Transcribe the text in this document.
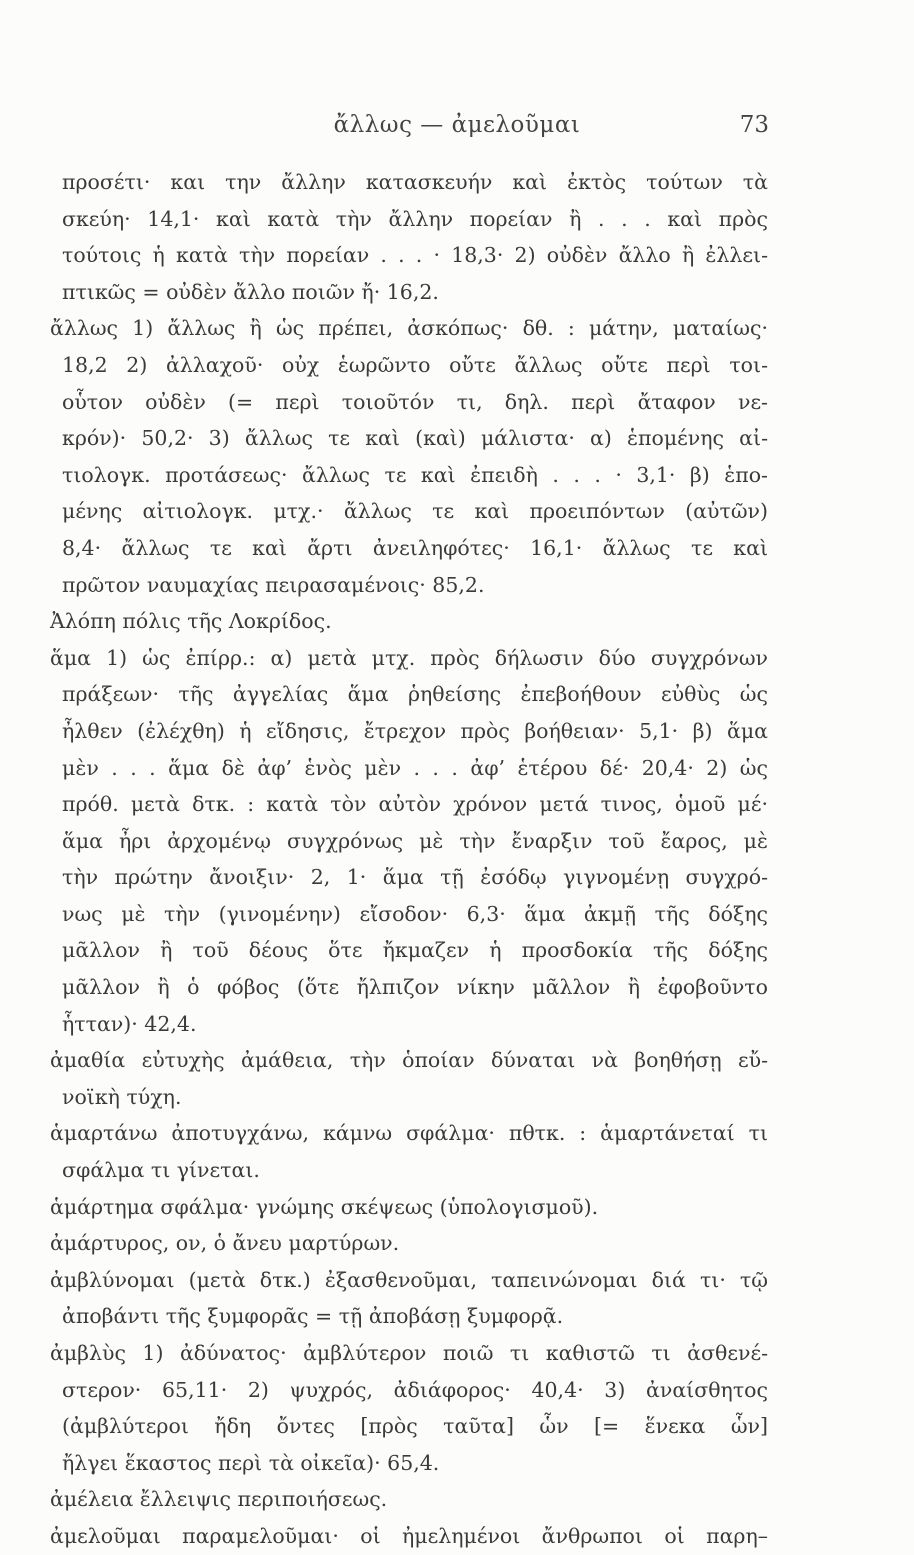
ἄλλως — ἀμελοῦμαι	73
προσέτι· και την ἄλλην κατασκευήν καὶ ἐκτὸς τούτων τὰ
σκεύη· 14,1· καὶ κατὰ τὴν ἄλλην πορείαν ἢ . . . καὶ πρὸς
τούτοις ἡ κατὰ τὴν πορείαν . . . · 18,3· 2) οὐδὲν ἄλλο ἢ ἐλλει-
πτικῶς = οὐδὲν ἄλλο ποιῶν ἤ· 16,2.
ἄλλως 1) ἄλλως ἢ ὡς πρέπει, ἀσκόπως· δθ. : μάτην, ματαίως·
18,2 2) ἀλλαχοῦ· οὐχ ἑωρῶντο οὔτε ἄλλως οὔτε περὶ τοι-
οὗτον οὐδὲν (= περὶ τοιοῦτόν τι, δηλ. περὶ ἄταφον νε-
κρόν)· 50,2· 3) ἄλλως τε καὶ (καὶ) μάλιστα· α) ἑπομένης αἰ-
τιολογκ. προτάσεως· ἄλλως τε καὶ ἐπειδὴ . . . · 3,1· β) ἑπο-
μένης αἰτιολογκ. μτχ.· ἄλλως τε καὶ προειπόντων (αὐτῶν)
8,4· ἄλλως τε καὶ ἄρτι ἀνειληφότες· 16,1· ἄλλως τε καὶ
πρῶτον ναυμαχίας πειρασαμένοις· 85,2.
Ἀλόπη πόλις τῆς Λοκρίδος.
ἅμα 1) ὡς ἐπίρρ.: α) μετὰ μτχ. πρὸς δήλωσιν δύο συγχρόνων
πράξεων· τῆς ἀγγελίας ἅμα ῥηθείσης ἐπεβοήθουν εὐθὺς ὡς
ἦλθεν (ἐλέχθη) ἡ εἴδησις, ἔτρεχον πρὸς βοήθειαν· 5,1· β) ἅμα
μὲν . . . ἅμα δὲ ἀφ’ ἑνὸς μὲν . . . ἀφ’ ἑτέρου δέ· 20,4· 2) ὡς
πρόθ. μετὰ δτκ. : κατὰ τὸν αὐτὸν χρόνον μετά τινος, ὁμοῦ μέ·
ἅμα ἦρι ἀρχομένῳ συγχρόνως μὲ τὴν ἔναρξιν τοῦ ἔαρος, μὲ
τὴν πρώτην ἄνοιξιν· 2, 1· ἅμα τῇ ἐσόδῳ γιγνομένῃ συγχρό-
νως μὲ τὴν (γινομένην) εἴσοδον· 6,3· ἅμα ἀκμῇ τῆς δόξης
μᾶλλον ἢ τοῦ δέους ὅτε ἤκμαζεν ἡ προσδοκία τῆς δόξης
μᾶλλον ἢ ὁ φόβος (ὅτε ἤλπιζον νίκην μᾶλλον ἢ ἐφοβοῦντο
ἧτταν)· 42,4.
ἀμαθία εὐτυχὴς ἀμάθεια, τὴν ὁποίαν δύναται νὰ βοηθήσῃ εὔ-
νοϊκὴ τύχη.
ἁμαρτάνω ἀποτυγχάνω, κάμνω σφάλμα· πθτκ. : ἁμαρτάνεταί τι
σφάλμα τι γίνεται.
ἁμάρτημα σφάλμα· γνώμης σκέψεως (ὑπολογισμοῦ).
ἀμάρτυρος, ον, ὁ ἄνευ μαρτύρων.
ἀμβλύνομαι (μετὰ δτκ.) ἐξασθενοῦμαι, ταπεινώνομαι διά τι· τῷ
ἀποβάντι τῆς ξυμφορᾶς = τῇ ἀποβάσῃ ξυμφορᾷ.
ἀμβλὺς 1) ἀδύνατος· ἀμβλύτερον ποιῶ τι καθιστῶ τι ἀσθενέ-
στερον· 65,11· 2) ψυχρός, ἀδιάφορος· 40,4· 3) ἀναίσθητος
(ἀμβλύτεροι ἤδη ὄντες [πρὸς ταῦτα] ὧν [= ἕνεκα ὧν]
ἤλγει ἕκαστος περὶ τὰ οἰκεῖα)· 65,4.
ἀμέλεια ἔλλειψις περιποιήσεως.
ἀμελοῦμαι παραμελοῦμαι· οἱ ἠμελημένοι ἄνθρωποι οἱ παρη–
